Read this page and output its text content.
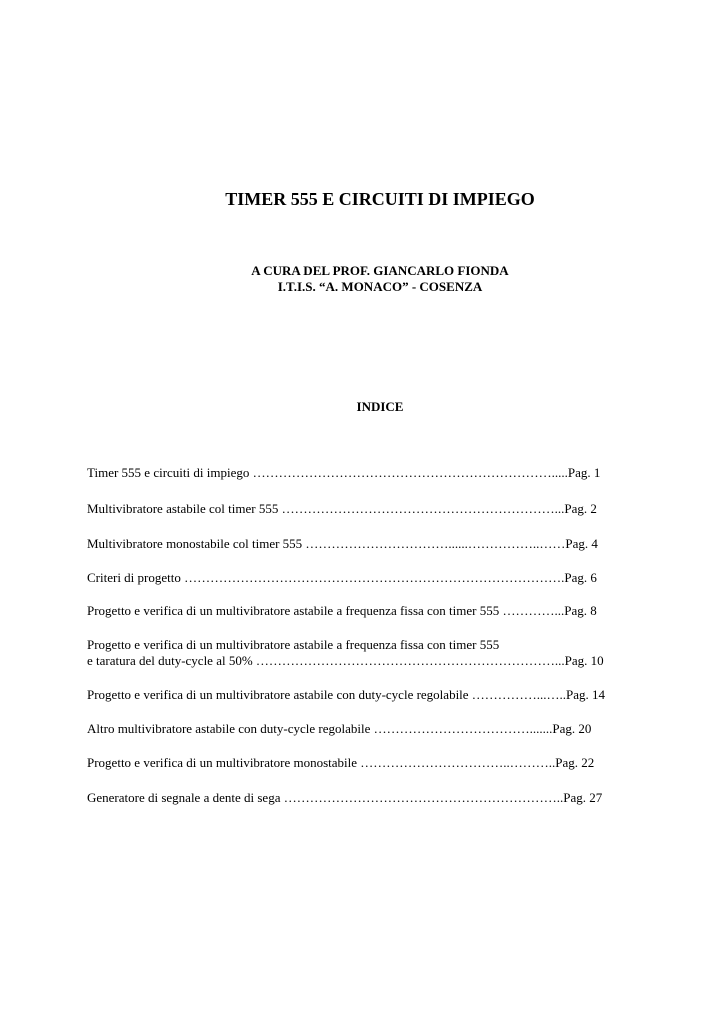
TIMER 555 E CIRCUITI DI IMPIEGO

A CURA DEL PROF. GIANCARLO FIONDA

I.T.I.S. “A. MONACO” - COSENZA

INDICE

Timer 555 e circuiti di impiego …………………………………………………………….....Pag. 1
Multivibratore astabile col timer 555 ………………………………………………………...Pag. 2
Multivibratore monostabile col timer 555 ……………………………......……………..……Pag. 4
Criteri di progetto …………………………………………………………………………….Pag. 6
Progetto e verifica di un multivibratore astabile a frequenza fissa con timer 555 …………...Pag. 8
Progetto e verifica di un multivibratore astabile a frequenza fissa con timer 555
e taratura del duty-cycle al 50% ……………………………………………………………...Pag. 10
Progetto e verifica di un multivibratore astabile con duty-cycle regolabile ……………...…..Pag. 14
Altro multivibratore astabile con duty-cycle regolabile ……………………………….......Pag. 20
Progetto e verifica di un multivibratore monostabile ……………………………..………..Pag. 22
Generatore di segnale a dente di sega ………………………………………………………..Pag. 27
